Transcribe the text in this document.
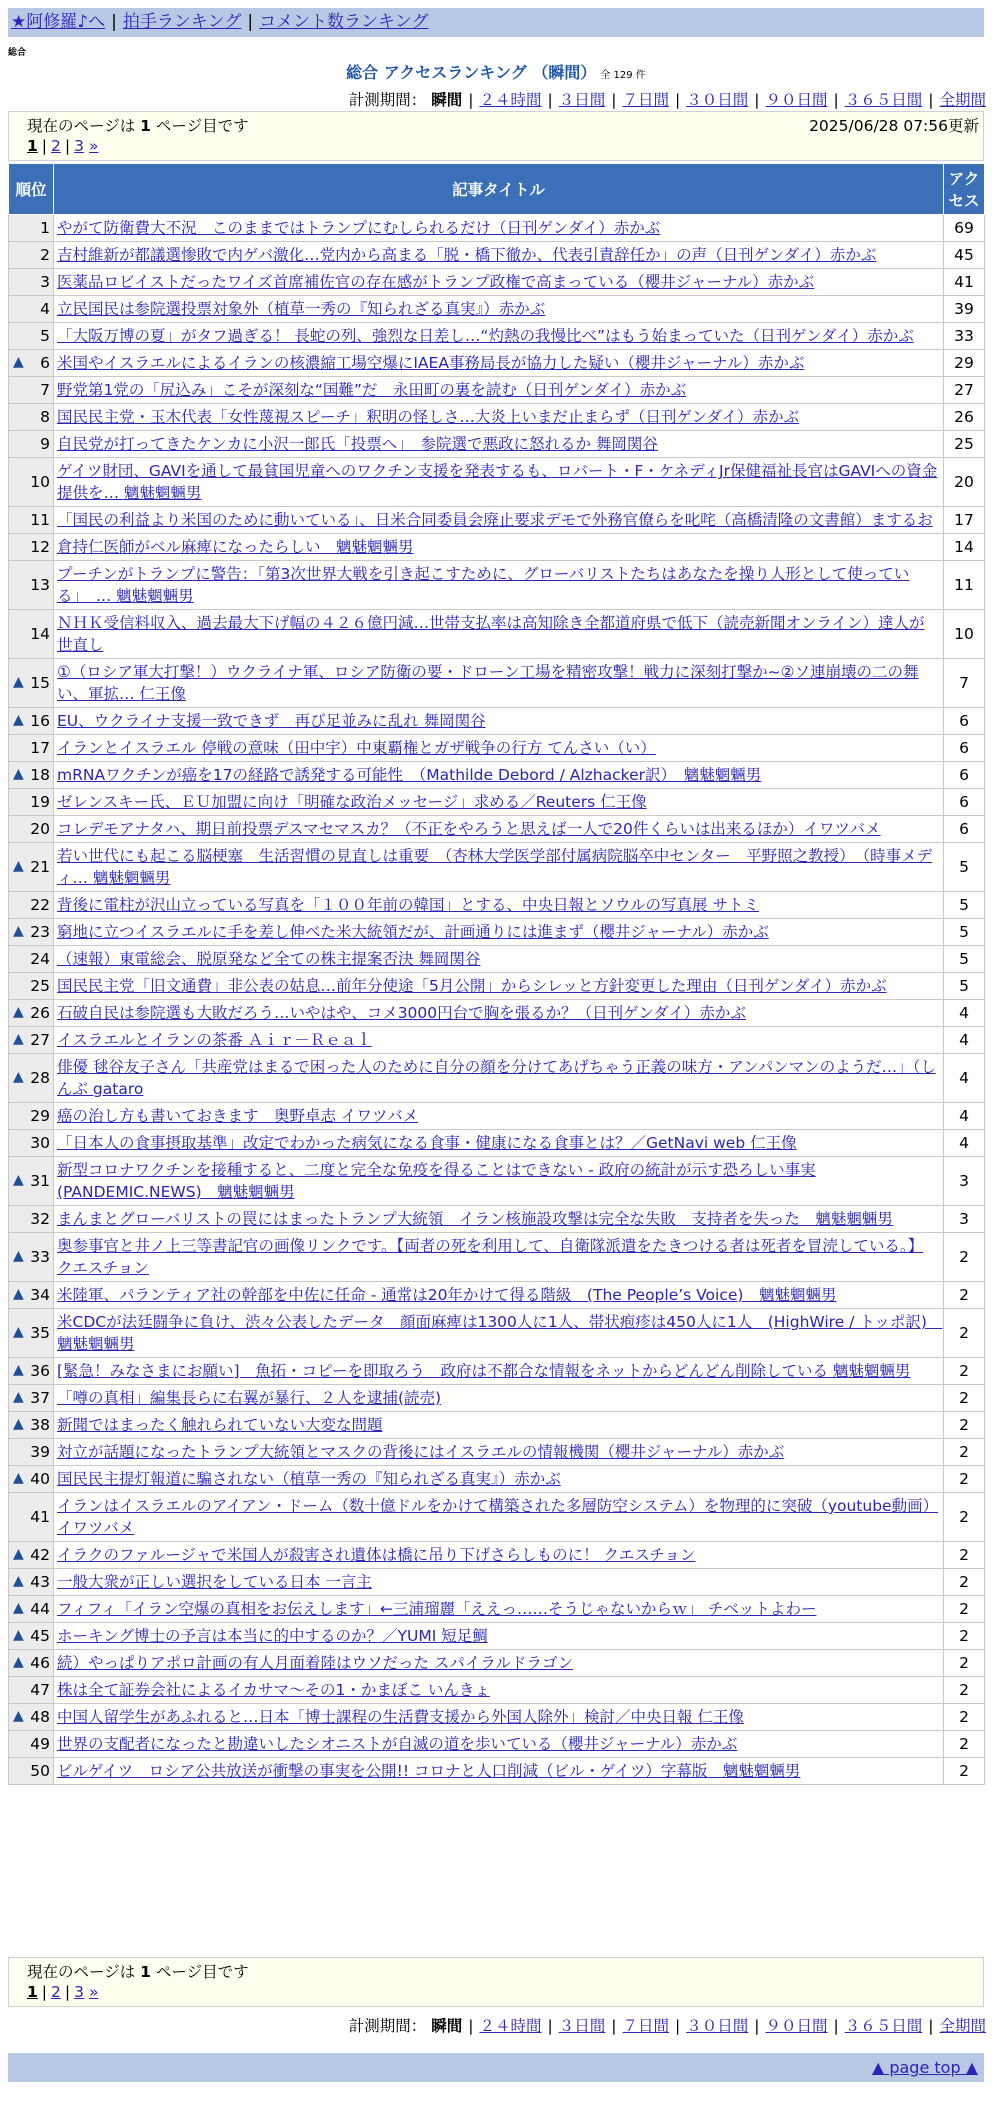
★阿修羅♪へ | 拍手ランキング | コメント数ランキング
総合
総合 アクセスランキング （瞬間） 全 129 件
計測期間： 瞬間 | ２４時間 | ３日間 | ７日間 | ３０日間 | ９０日間 | ３６５日間 | 全期間
現在のページは 1 ページ目です	2025/06/28 07:56更新
1 | 2 | 3 »
順位	記事タイトル	アクセス
1	やがて防衛費大不況　このままではトランプにむしられるだけ（日刊ゲンダイ）赤かぶ	69
2	吉村維新が都議選惨敗で内ゲバ激化…党内から高まる「脱・橋下徹か、代表引責辞任か」の声（日刊ゲンダイ）赤かぶ	45
3	医薬品ロビイストだったワイズ首席補佐官の存在感がトランプ政権で高まっている（櫻井ジャーナル）赤かぶ	41
4	立民国民は参院選投票対象外（植草一秀の『知られざる真実』）赤かぶ	39
5	「大阪万博の夏」がタフ過ぎる！ 長蛇の列、強烈な日差し…“灼熱の我慢比べ”はもう始まっていた（日刊ゲンダイ）赤かぶ	33

▲ 6	米国やイスラエルによるイランの核濃縮工場空爆にIAEA事務局長が協力した疑い（櫻井ジャーナル）赤かぶ	29
7	野党第1党の「尻込み」こそが深刻な“国難”だ　永田町の裏を読む（日刊ゲンダイ）赤かぶ	27
8	国民民主党・玉木代表「女性蔑視スピーチ」釈明の怪しさ…大炎上いまだ止まらず（日刊ゲンダイ）赤かぶ	26
9	自民党が打ってきたケンカに小沢一郎氏「投票へ」　参院選で悪政に怒れるか 舞岡関谷	25
10	ゲイツ財団、GAVIを通して最貧国児童へのワクチン支援を発表するも、ロバート・F・ケネディJr保健福祉長官はGAVIへの資金提供を… 魑魅魍魎男	20
11	「国民の利益より米国のために動いている」、日米合同委員会廃止要求デモで外務官僚らを叱咤（高橋清隆の文書館）まするお	17
12	倉持仁医師がベル麻痺になったらしい　魑魅魍魎男	14
13	プーチンがトランプに警告：「第3次世界大戦を引き起こすために、グローバリストたちはあなたを操り人形として使っている」　… 魑魅魍魎男	11
14	ＮＨＫ受信料収入、過去最大下げ幅の４２６億円減…世帯支払率は高知除き全都道府県で低下（読売新聞オンライン）達人が世直し	10

▲ 15	①（ロシア軍大打撃！）ウクライナ軍、ロシア防衛の要・ドローン工場を精密攻撃！戦力に深刻打撃か~②ソ連崩壊の二の舞い、軍拡… 仁王像	7

▲ 16	EU、ウクライナ支援一致できず　再び足並みに乱れ 舞岡関谷	6
17	イランとイスラエル 停戦の意味（田中宇）中東覇権とガザ戦争の行方 てんさい（い）	6

▲ 18	mRNAワクチンが癌を17の経路で誘発する可能性　（Mathilde Debord / Alzhacker訳）　魑魅魍魎男	6
19	ゼレンスキー氏、ＥＵ加盟に向け「明確な政治メッセージ」求める／Reuters 仁王像	6
20	コレデモアナタハ、期日前投票デスマセマスカ？（不正をやろうと思えば一人で20件くらいは出来るほか）イワツバメ	6

▲ 21	若い世代にも起こる脳梗塞　生活習慣の見直しは重要　（杏林大学医学部付属病院脳卒中センター　平野照之教授）　（時事メディ… 魑魅魍魎男	5
22	背後に電柱が沢山立っている写真を「１００年前の韓国」とする、中央日報とソウルの写真展 サトミ	5

▲ 23	窮地に立つイスラエルに手を差し伸べた米大統領だが、計画通りには進まず（櫻井ジャーナル）赤かぶ	5
24	（速報）東電総会、脱原発など全ての株主提案否決 舞岡関谷	5
25	国民民主党「旧文通費」非公表の姑息…前年分使途「5月公開」からシレッと方針変更した理由（日刊ゲンダイ）赤かぶ	5

▲ 26	石破自民は参院選も大敗だろう…いやはや、コメ3000円台で胸を張るか？（日刊ゲンダイ）赤かぶ	4

▲ 27	イスラエルとイランの茶番 Ａｉｒ－Ｒｅａｌ	4

▲ 28	俳優 毬谷友子さん「共産党はまるで困った人のために自分の顔を分けてあげちゃう正義の味方・アンパンマンのようだ…」（しんぶ gataro	4
29	癌の治し方も書いておきます　奥野卓志 イワツバメ	4
30	「日本人の食事摂取基準」改定でわかった病気になる食事・健康になる食事とは？／GetNavi web 仁王像	4

▲ 31	新型コロナワクチンを接種すると、二度と完全な免疫を得ることはできない - 政府の統計が示す恐ろしい事実 (PANDEMIC.NEWS)　魑魅魍魎男	3
32	まんまとグローバリストの罠にはまったトランプ大統領　イラン核施設攻撃は完全な失敗　支持者を失った　魑魅魍魎男	3

▲ 33	奥参事官と井ノ上三等書記官の画像リンクです。【両者の死を利用して、自衛隊派遣をたきつける者は死者を冒涜している。】 クエスチョン	2

▲ 34	米陸軍、パランティア社の幹部を中佐に任命 - 通常は20年かけて得る階級　(The People’s Voice)　魑魅魍魎男	2

▲ 35	米CDCが法廷闘争に負け、渋々公表したデータ　顔面麻痺は1300人に1人、帯状疱疹は450人に1人　(HighWire / トッポ訳)　魑魅魍魎男	2

▲ 36	[緊急！みなさまにお願い]　魚拓・コピーを即取ろう　政府は不都合な情報をネットからどんどん削除している 魑魅魍魎男	2

▲ 37	「噂の真相」編集長らに右翼が暴行、２人を逮捕(読売)	2

▲ 38	新聞ではまったく触れられていない大変な問題	2
39	対立が話題になったトランプ大統領とマスクの背後にはイスラエルの情報機関（櫻井ジャーナル）赤かぶ	2

▲ 40	国民民主提灯報道に騙されない（植草一秀の『知られざる真実』）赤かぶ	2
41	イランはイスラエルのアイアン・ドーム（数十億ドルをかけて構築された多層防空システム）を物理的に突破（youtube動画）イワツバメ	2

▲ 42	イラクのファルージャで米国人が殺害され遺体は橋に吊り下げさらしものに！ クエスチョン	2

▲ 43	一般大衆が正しい選択をしている日本 一言主	2

▲ 44	フィフィ「イラン空爆の真相をお伝えします」←三浦瑠麗「ええっ……そうじゃないからｗ」 チベットよわー	2

▲ 45	ホーキング博士の予言は本当に的中するのか？／YUMI 短足鯛	2

▲ 46	続）やっぱりアポロ計画の有人月面着陸はウソだった スパイラルドラゴン	2
47	株は全て証券会社によるイカサマ〜その1・かまぼこ いんきょ	2

▲ 48	中国人留学生があふれると…日本「博士課程の生活費支援から外国人除外」検討／中央日報 仁王像	2
49	世界の支配者になったと勘違いしたシオニストが自滅の道を歩いている（櫻井ジャーナル）赤かぶ	2
50	ビルゲイツ　ロシア公共放送が衝撃の事実を公開!! コロナと人口削減（ビル・ゲイツ）字幕版　魑魅魍魎男	2
現在のページは 1 ページ目です
1 | 2 | 3 »
計測期間： 瞬間 | ２４時間 | ３日間 | ７日間 | ３０日間 | ９０日間 | ３６５日間 | 全期間
▲ page top ▲
